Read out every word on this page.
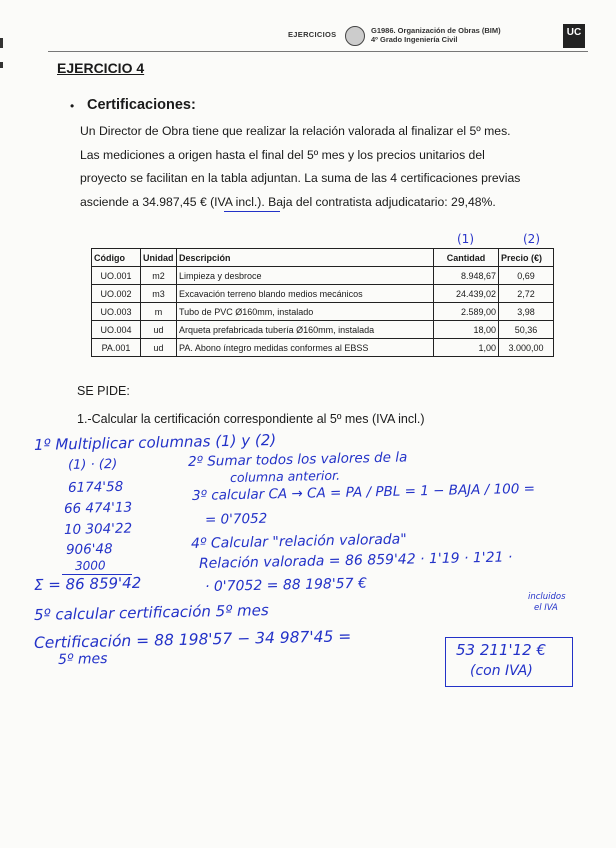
EJERCICIOS	G1986. Organización de Obras (BIM)
4º Grado Ingeniería Civil
UC
EJERCICIO 4
• Certificaciones:
Un Director de Obra tiene que realizar la relación valorada al finalizar el 5º mes.
Las mediciones a origen hasta el final del 5º mes y los precios unitarios del
proyecto se facilitan en la tabla adjuntan. La suma de las 4 certificaciones previas
asciende a 34.987,45 € (IVA incl.). Baja del contratista adjudicatario: 29,48%.
(1)	(2)
Código	Unidad	Descripción	Cantidad	Precio (€)
UO.001	m2	Limpieza y desbroce	8.948,67	0,69
UO.002	m3	Excavación terreno blando medios mecánicos	24.439,02	2,72
UO.003	m	Tubo de PVC Ø160mm, instalado	2.589,00	3,98
UO.004	ud	Arqueta prefabricada tubería Ø160mm, instalada	18,00	50,36
PA.001	ud	PA. Abono íntegro medidas conformes al EBSS	1,00	3.000,00
SE PIDE:
1.-Calcular la certificación correspondiente al 5º mes (IVA incl.)
1º Multiplicar columnas (1) y (2)
(1) · (2)
6174'58
66 474'13
10 304'22
906'48
3000
Σ = 86 859'42
2º Sumar todos los valores de la
columna anterior.
3º calcular CA → CA = PA / PBL = 1 − BAJA / 100 =
= 0'7052
4º Calcular "relación valorada"
Relación valorada = 86 859'42 · 1'19 · 1'21 ·
· 0'7052 = 88 198'57 €
incluidos
el IVA
5º calcular certificación 5º mes
Certificación = 88 198'57 − 34 987'45 =
5º mes
53 211'12 €
(con IVA)
